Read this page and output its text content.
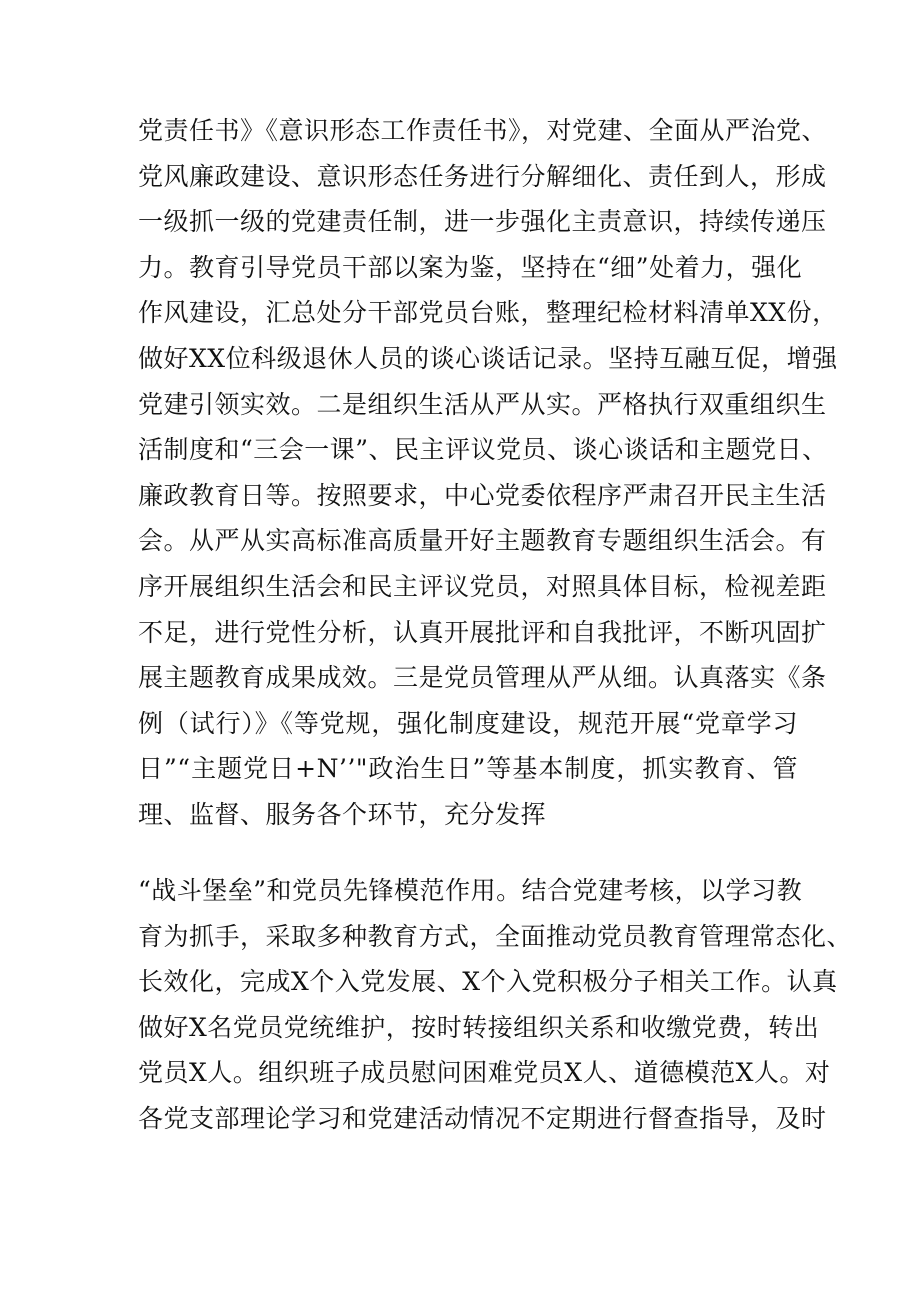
党责任书》《意识形态工作责任书》，对党建、全面从严治党、
党风廉政建设、意识形态任务进行分解细化、责任到人，形成
一级抓一级的党建责任制，进一步强化主责意识，持续传递压
力。教育引导党员干部以案为鉴，坚持在“细”处着力，强化
作风建设，汇总处分干部党员台账，整理纪检材料清单XX份，
做好XX位科级退休人员的谈心谈话记录。坚持互融互促，增强
党建引领实效。二是组织生活从严从实。严格执行双重组织生
活制度和“三会一课”、民主评议党员、谈心谈话和主题党日、
廉政教育日等。按照要求，中心党委依程序严肃召开民主生活
会。从严从实高标准高质量开好主题教育专题组织生活会。有
序开展组织生活会和民主评议党员，对照具体目标，检视差距
不足，进行党性分析，认真开展批评和自我批评，不断巩固扩
展主题教育成果成效。三是党员管理从严从细。认真落实《条
例（试行）》《等党规，强化制度建设，规范开展“党章学习
日”“主题党日+N’’"政治生日”等基本制度，抓实教育、管
理、监督、服务各个环节，充分发挥
“战斗堡垒”和党员先锋模范作用。结合党建考核，以学习教
育为抓手，采取多种教育方式，全面推动党员教育管理常态化、
长效化，完成X个入党发展、X个入党积极分子相关工作。认真
做好X名党员党统维护，按时转接组织关系和收缴党费，转出
党员X人。组织班子成员慰问困难党员X人、道德模范X人。对
各党支部理论学习和党建活动情况不定期进行督查指导，及时
